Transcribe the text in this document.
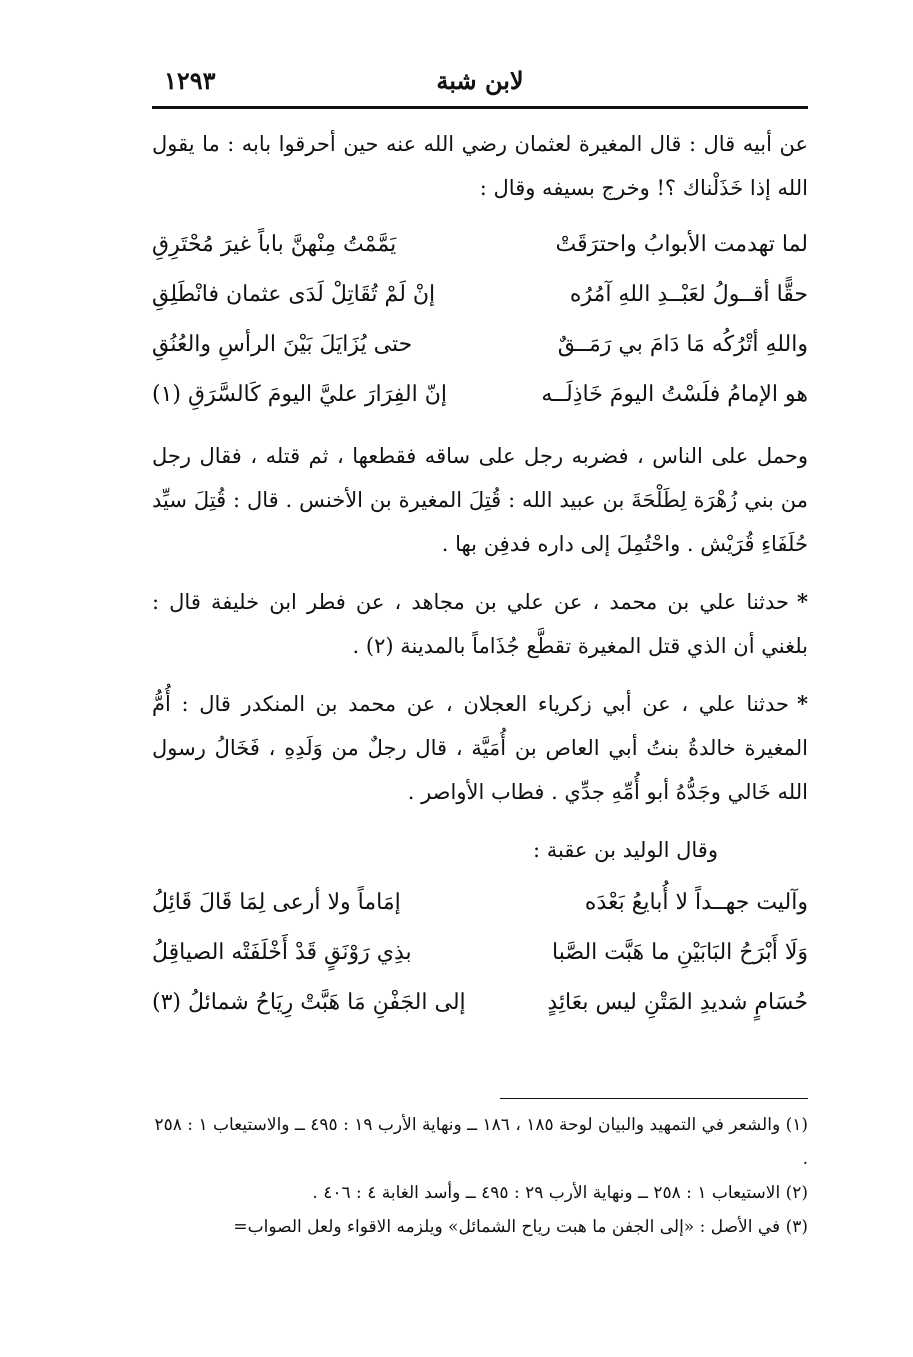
لابن شبة
١٢٩٣

عن أبيه قال : قال المغيرة لعثمان رضي الله عنه حين أحرقوا بابه : ما يقول الله إذا خَذَلْناك ؟! وخرج بسيفه وقال :

لما تهدمت الأبوابُ واحترَقَتْ
يَمَّمْتُ مِنْهنَّ باباً غيرَ مُحْتَرِقِ
حقًّا أقــولُ لعَبْــدِ اللهِ آمُرُه
إنْ لَمْ تُقَاتِلْ لَدَى عثمان فانْطَلِقِ
واللهِ أتْرُكُه مَا دَامَ بي رَمَــقٌ
حتى يُزَايَلَ بَيْنَ الرأسِ والعُنُقِ
هو الإمامُ فلَسْتُ اليومَ خَاذِلَــه
إنّ الفِرَارَ عليَّ اليومَ كَالسَّرَقِ (١)

وحمل على الناس ، فضربه رجل على ساقه فقطعها ، ثم قتله ، فقال رجل من بني زُهْرَة لِطَلْحَةَ بن عبيد الله : قُتِلَ المغيرة بن الأخنس . قال : قُتِلَ سيِّد حُلَفَاءِ قُرَيْش . واحْتُمِلَ إلى داره فدفِن بها .

*حدثنا علي بن محمد ، عن علي بن مجاهد ، عن فطر ابن خليفة قال : بلغني أن الذي قتل المغيرة تقطَّع جُذَاماً بالمدينة (٢) .

*حدثنا علي ، عن أبي زكرياء العجلان ، عن محمد بن المنكدر قال : أُمُّ المغيرة خالدةُ بنتُ أبي العاص بن أُمَيَّة ، قال رجلٌ من وَلَدِهِ ، فَخَالُ رسول الله خَالي وجَدُّهُ أبو أُمِّهِ جدِّي . فطاب الأواصر .

وقال الوليد بن عقبة :

وآليت جهــداً لا أُبايعُ بَعْدَه
إمَاماً ولا أرعى لِمَا قَالَ قَائِلُ
وَلَا أَبْرَحُ البَابَيْنِ ما هَبَّت الصَّبا
بذِي رَوْنَقٍ قَدْ أَخْلَفَتْه الصياقِلُ
حُسَامٍ شديدِ المَتْنِ ليس بعَائِدٍ
إلى الجَفْنِ مَا هَبَّتْ رِيَاحُ شمائلُ (٣)

(١) والشعر في التمهيد والبيان لوحة ١٨٥ ، ١٨٦ ــ ونهاية الأرب ١٩ : ٤٩٥ ــ والاستيعاب ١ : ٢٥٨ .

(٢) الاستيعاب ١ : ٢٥٨ ــ ونهاية الأرب ٢٩ : ٤٩٥ ــ وأسد الغابة ٤ : ٤٠٦ .

(٣) في الأصل : «إلى الجفن ما هبت رياح الشمائل» ويلزمه الاقواء ولعل الصواب=
